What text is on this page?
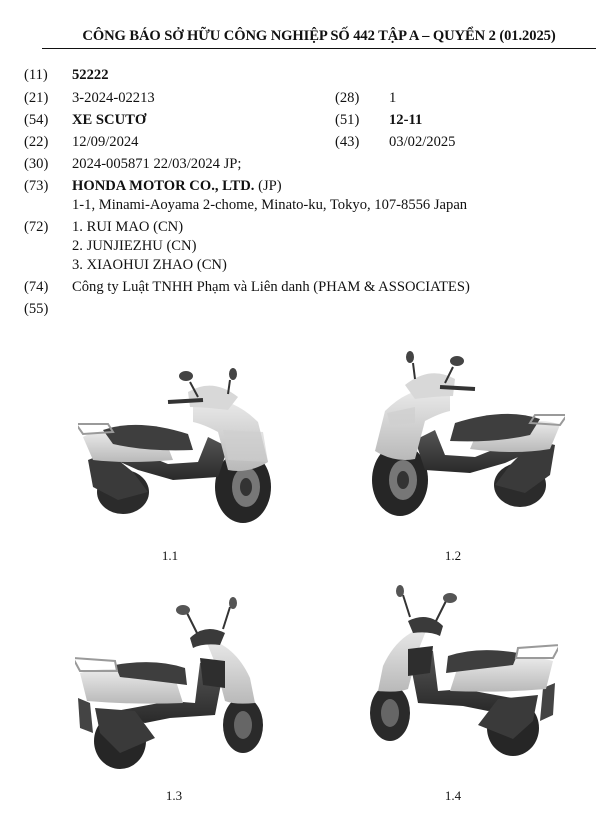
CÔNG BÁO SỞ HỮU CÔNG NGHIỆP SỐ 442 TẬP A – QUYỂN 2 (01.2025)
(11) 52222
(21) 3-2024-02213	(28) 1
(54) XE SCUTƠ	(51) 12-11
(22) 12/09/2024	(43) 03/02/2025
(30) 2024-005871 22/03/2024 JP;
(73) HONDA MOTOR CO., LTD. (JP)
1-1, Minami-Aoyama 2-chome, Minato-ku, Tokyo, 107-8556 Japan
(72) 1. RUI MAO (CN)
2. JUNJIEZHU (CN)
3. XIAOHUI ZHAO (CN)
(74) Công ty Luật TNHH Phạm và Liên danh (PHAM & ASSOCIATES)
(55)
1.1	1.2
1.3	1.4
